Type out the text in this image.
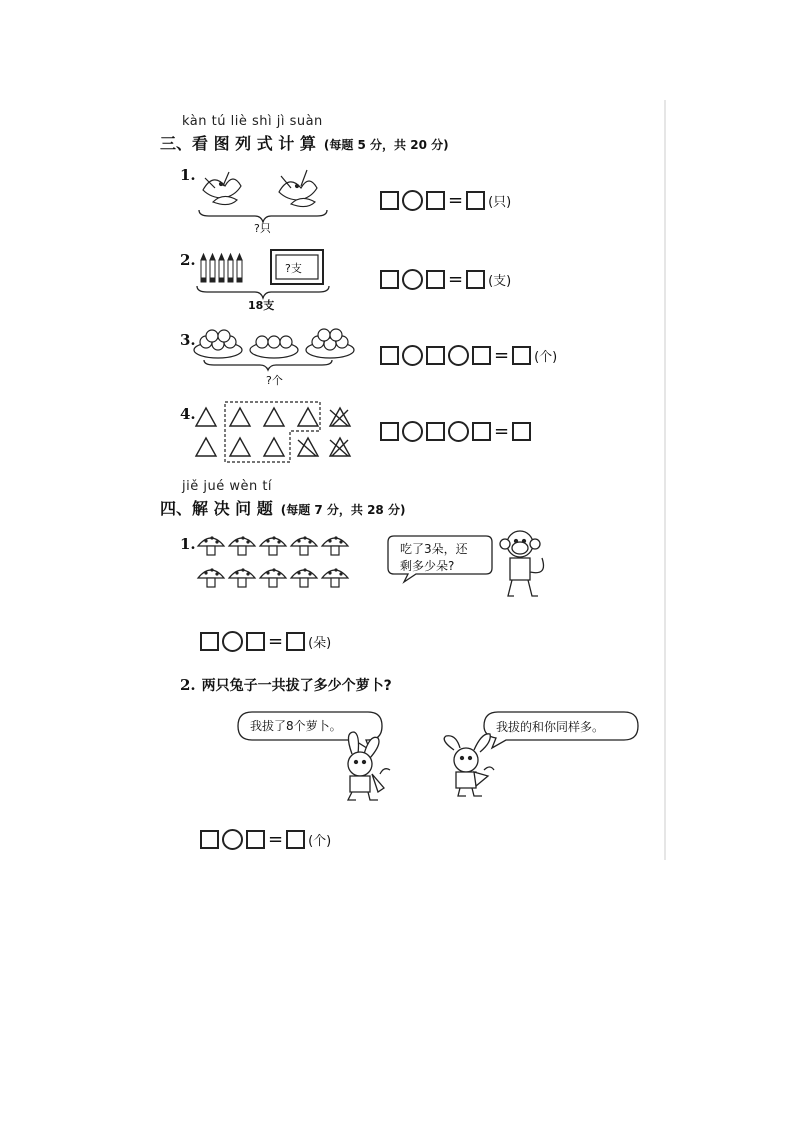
kàn tú liè shì jì suàn
三、看 图 列 式 计 算 (每题 5 分，共 20 分)
1.
?只
= (只)
2.	?支
18支
= (支)
3.
?个
= (个)
4.
=
jiě jué wèn tí
四、解 决 问 题 (每题 7 分，共 28 分)
1.	吃了3朵，还
剩多少朵?
= (朵)
2. 两只兔子一共拔了多少个萝卜?
我拔了8个萝卜。	我拔的和你同样多。
= (个)
